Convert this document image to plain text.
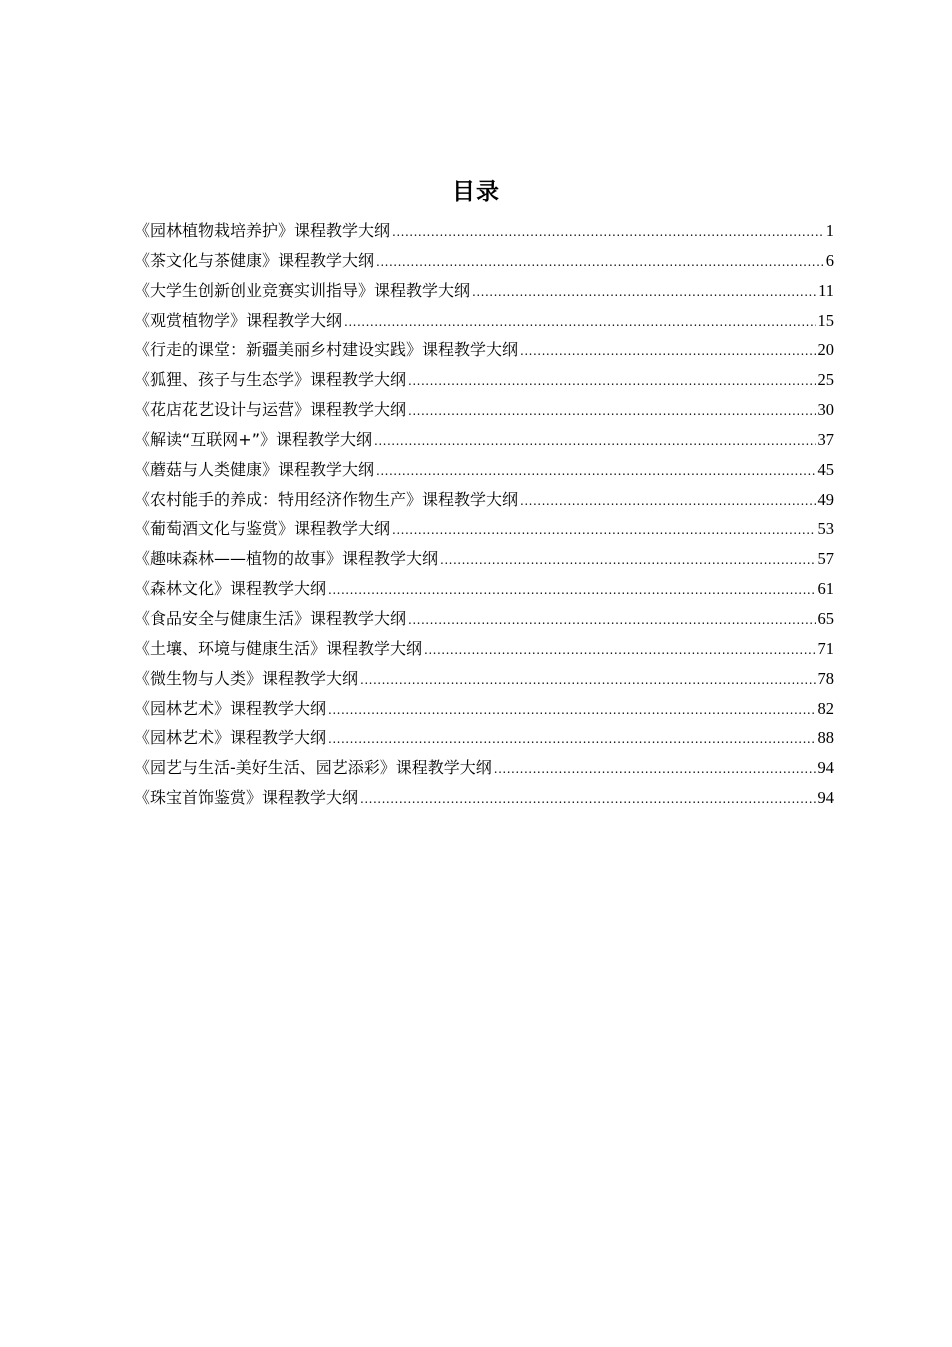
目录
《园林植物栽培养护》课程教学大纲 .....	1
《茶文化与茶健康》课程教学大纲 .....	6
《大学生创新创业竞赛实训指导》课程教学大纲 .....	11
《观赏植物学》课程教学大纲 .....	15
《行走的课堂：新疆美丽乡村建设实践》课程教学大纲 .....	20
《狐狸、孩子与生态学》课程教学大纲 .....	25
《花店花艺设计与运营》课程教学大纲 .....	30
《解读“互联网+”》课程教学大纲 .....	37
《蘑菇与人类健康》课程教学大纲 .....	45
《农村能手的养成：特用经济作物生产》课程教学大纲 .....	49
《葡萄酒文化与鉴赏》课程教学大纲 .....	53
《趣味森林——植物的故事》课程教学大纲 .....	57
《森林文化》课程教学大纲 .....	61
《食品安全与健康生活》课程教学大纲 .....	65
《土壤、环境与健康生活》课程教学大纲 .....	71
《微生物与人类》课程教学大纲 .....	78
《园林艺术》课程教学大纲 .....	82
《园林艺术》课程教学大纲 .....	88
《园艺与生活-美好生活、园艺添彩》课程教学大纲 .....	94
《珠宝首饰鉴赏》课程教学大纲 .....	94
